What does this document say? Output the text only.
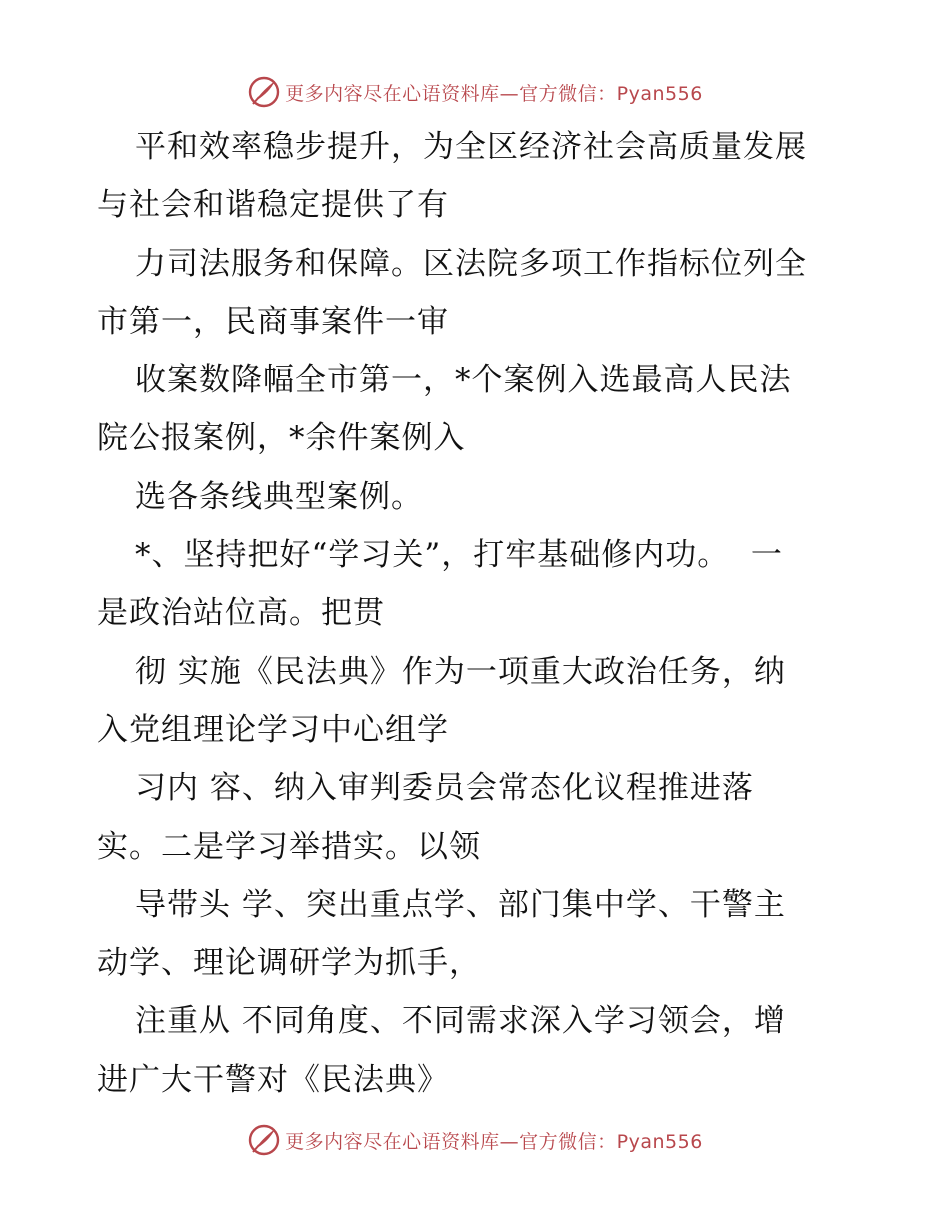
更多内容尽在心语资料库—官方微信：Pyan556
平和效率稳步提升，为全区经济社会高质量发展
与社会和谐稳定提供了有
力司法服务和保障。区法院多项工作指标位列全
市第一，民商事案件一审
收案数降幅全市第一，*个案例入选最高人民法
院公报案例，*余件案例入
选各条线典型案例。
*、坚持把好“学习关”，打牢基础修内功。  一
是政治站位高。把贯
彻 实施《民法典》作为一项重大政治任务，纳
入党组理论学习中心组学
习内 容、纳入审判委员会常态化议程推进落
实。二是学习举措实。以领
导带头 学、突出重点学、部门集中学、干警主
动学、理论调研学为抓手，
注重从 不同角度、不同需求深入学习领会，增
进广大干警对《民法典》
更多内容尽在心语资料库—官方微信：Pyan556
